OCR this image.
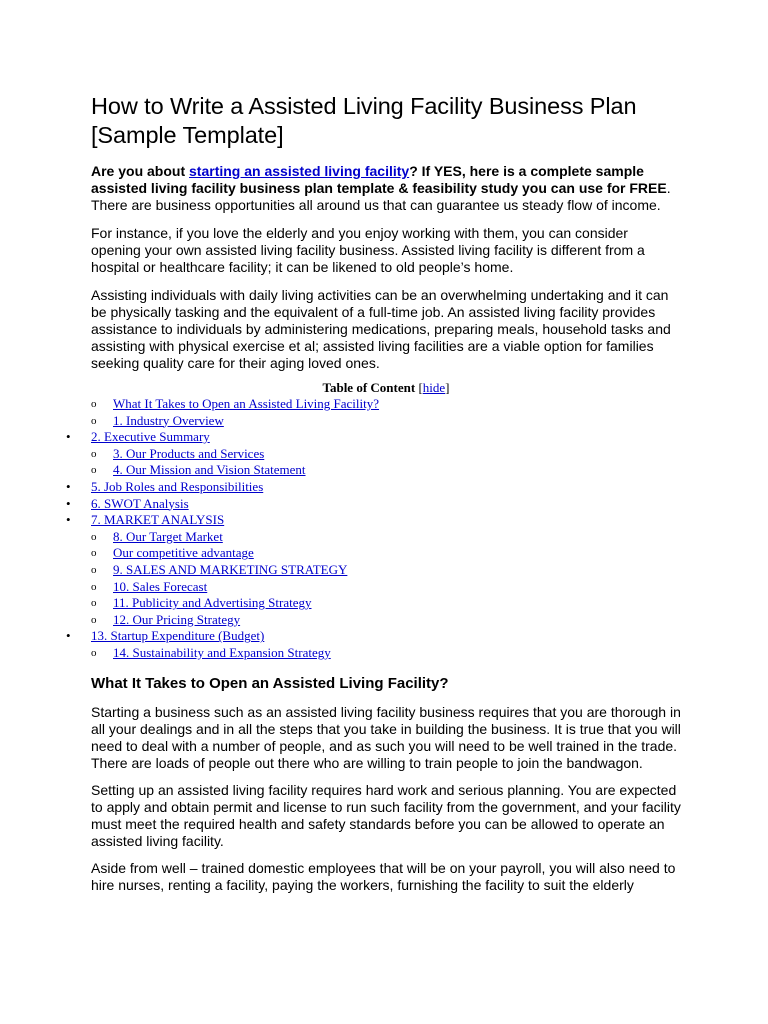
How to Write a Assisted Living Facility Business Plan [Sample Template]

Are you about starting an assisted living facility? If YES, here is a complete sample assisted living facility business plan template & feasibility study you can use for FREE. There are business opportunities all around us that can guarantee us steady flow of income.

For instance, if you love the elderly and you enjoy working with them, you can consider opening your own assisted living facility business. Assisted living facility is different from a hospital or healthcare facility; it can be likened to old people’s home.

Assisting individuals with daily living activities can be an overwhelming undertaking and it can be physically tasking and the equivalent of a full-time job. An assisted living facility provides assistance to individuals by administering medications, preparing meals, household tasks and assisting with physical exercise et al; assisted living facilities are a viable option for families seeking quality care for their aging loved ones.

Table of Content [hide]
o What It Takes to Open an Assisted Living Facility?
o 1. Industry Overview
• 2. Executive Summary
o 3. Our Products and Services
o 4. Our Mission and Vision Statement
• 5. Job Roles and Responsibilities
• 6. SWOT Analysis
• 7. MARKET ANALYSIS
o 8. Our Target Market
o Our competitive advantage
o 9. SALES AND MARKETING STRATEGY
o 10. Sales Forecast
o 11. Publicity and Advertising Strategy
o 12. Our Pricing Strategy
• 13. Startup Expenditure (Budget)
o 14. Sustainability and Expansion Strategy
What It Takes to Open an Assisted Living Facility?

Starting a business such as an assisted living facility business requires that you are thorough in all your dealings and in all the steps that you take in building the business. It is true that you will need to deal with a number of people, and as such you will need to be well trained in the trade. There are loads of people out there who are willing to train people to join the bandwagon.

Setting up an assisted living facility requires hard work and serious planning. You are expected to apply and obtain permit and license to run such facility from the government, and your facility must meet the required health and safety standards before you can be allowed to operate an assisted living facility.

Aside from well – trained domestic employees that will be on your payroll, you will also need to hire nurses, renting a facility, paying the workers, furnishing the facility to suit the elderly
